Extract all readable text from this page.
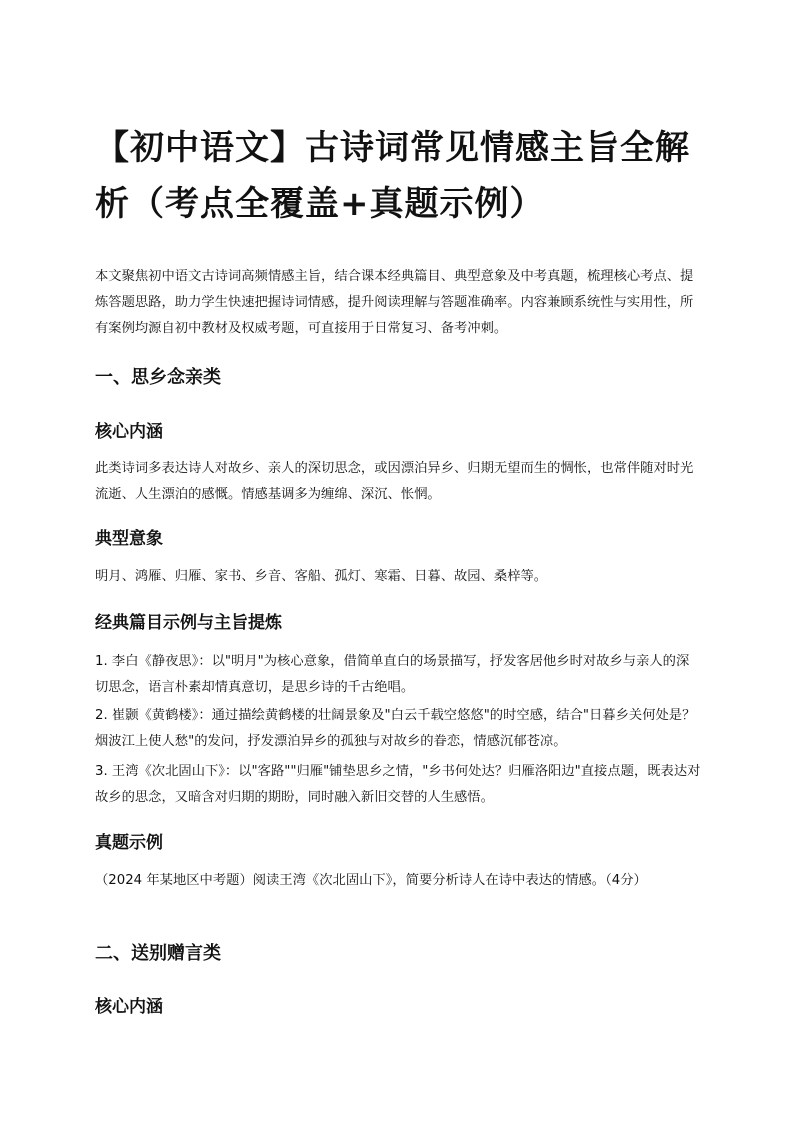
【初中语文】古诗词常见情感主旨全解析（考点全覆盖+真题示例）

本文聚焦初中语文古诗词高频情感主旨，结合课本经典篇目、典型意象及中考真题，梳理核心考点、提炼答题思路，助力学生快速把握诗词情感，提升阅读理解与答题准确率。内容兼顾系统性与实用性，所有案例均源自初中教材及权威考题，可直接用于日常复习、备考冲刺。

一、思乡念亲类
核心内涵

此类诗词多表达诗人对故乡、亲人的深切思念，或因漂泊异乡、归期无望而生的惆怅，也常伴随对时光流逝、人生漂泊的感慨。情感基调多为缠绵、深沉、怅惘。

典型意象

明月、鸿雁、归雁、家书、乡音、客船、孤灯、寒霜、日暮、故园、桑梓等。

经典篇目示例与主旨提炼

1. 李白《静夜思》：以"明月"为核心意象，借简单直白的场景描写，抒发客居他乡时对故乡与亲人的深切思念，语言朴素却情真意切，是思乡诗的千古绝唱。

2. 崔颢《黄鹤楼》：通过描绘黄鹤楼的壮阔景象及"白云千载空悠悠"的时空感，结合"日暮乡关何处是？烟波江上使人愁"的发问，抒发漂泊异乡的孤独与对故乡的眷恋，情感沉郁苍凉。

3. 王湾《次北固山下》：以"客路""归雁"铺垫思乡之情，"乡书何处达？归雁洛阳边"直接点题，既表达对故乡的思念，又暗含对归期的期盼，同时融入新旧交替的人生感悟。

真题示例

（2024 年某地区中考题）阅读王湾《次北固山下》，简要分析诗人在诗中表达的情感。（4分）

二、送别赠言类
核心内涵
